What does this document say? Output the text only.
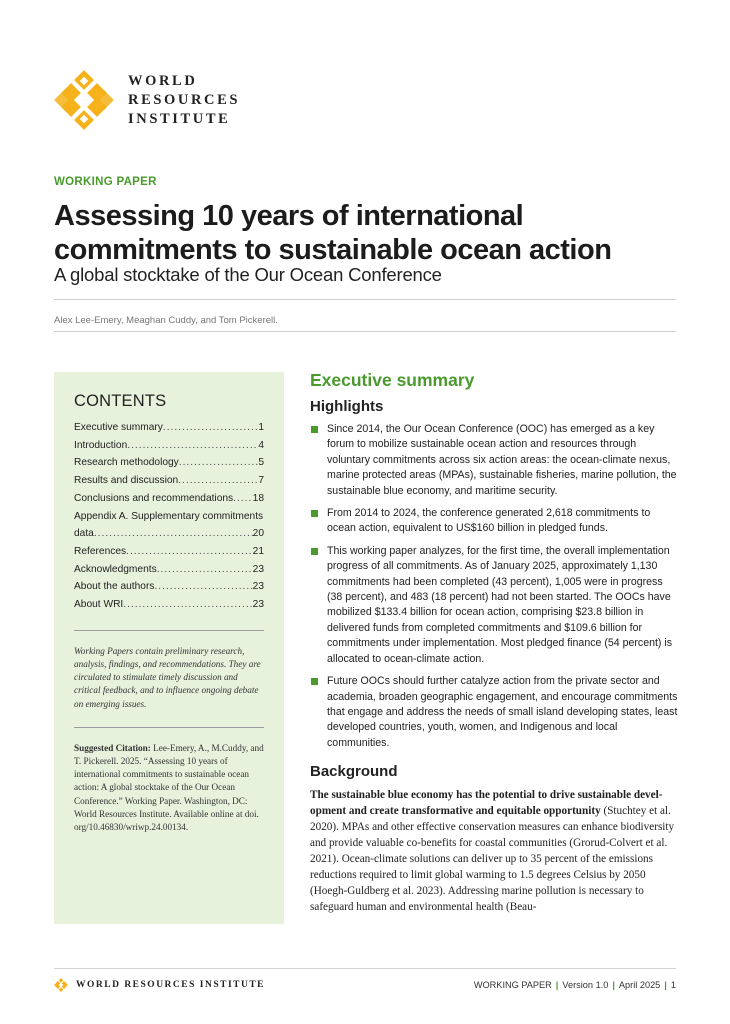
WORLD
RESOURCES
INSTITUTE
WORKING PAPER
Assessing 10 years of international commitments to sustainable ocean action
A global stocktake of the Our Ocean Conference
Alex Lee-Emery, Meaghan Cuddy, and Tom Pickerell.
CONTENTS
Executive summary .....	1
Introduction .....	4
Research methodology .....	5
Results and discussion .....	7
Conclusions and recommendations ..... 18
Appendix A. Supplementary commitments
data .....	20
References .....	21
Acknowledgments .....	23
About the authors .....	23
About WRI .....	23

Working Papers contain preliminary research, analysis, findings, and recommendations. They are circulated to stimulate timely discussion and critical feedback, and to influence ongoing debate on emerging issues.

Suggested Citation: Lee-Emery, A., M.Cuddy, and T. Pickerell. 2025. “Assessing 10 years of international commitments to sustainable ocean action: A global stocktake of the Our Ocean Conference.” Working Paper. Washington, DC: World Resources Institute. Available online at doi. org/10.46830/wriwp.24.00134.

Executive summary
Highlights
Since 2014, the Our Ocean Conference (OOC) has emerged as a key forum to mobilize sustainable ocean action and resources through voluntary commitments across six action areas: the ocean-climate nexus, marine protected areas (MPAs), sustainable fisheries, marine pollution, the sustainable blue economy, and maritime security.
From 2014 to 2024, the conference generated 2,618 commitments to ocean action, equivalent to US$160 billion in pledged funds.
This working paper analyzes, for the first time, the overall implementation progress of all commitments. As of January 2025, approximately 1,130 commitments had been completed (43 percent), 1,005 were in progress (38 percent), and 483 (18 percent) had not been started. The OOCs have mobilized $133.4 billion for ocean action, comprising $23.8 billion in delivered funds from completed commitments and $109.6 billion for commitments under implementation. Most pledged finance (54 percent) is allocated to ocean-climate action.
Future OOCs should further catalyze action from the private sector and academia, broaden geographic engagement, and encourage commitments that engage and address the needs of small island developing states, least developed countries, youth, women, and Indigenous and local communities.
Background

The sustainable blue economy has the potential to drive sustainable development and create transformative and equitable opportunity (Stuchtey et al. 2020). MPAs and other effective conservation measures can enhance biodiversity and provide valuable co-benefits for coastal communities (Grorud-Colvert et al. 2021). Ocean-climate solutions can deliver up to 35 percent of the emissions reductions required to limit global warming to 1.5 degrees Celsius by 2050 (Hoegh-Guldberg et al. 2023). Addressing marine pollution is necessary to safeguard human and environmental health (Beau-

WORLD RESOURCES INSTITUTE	WORKING PAPER | Version 1.0 | April 2025 | 1
